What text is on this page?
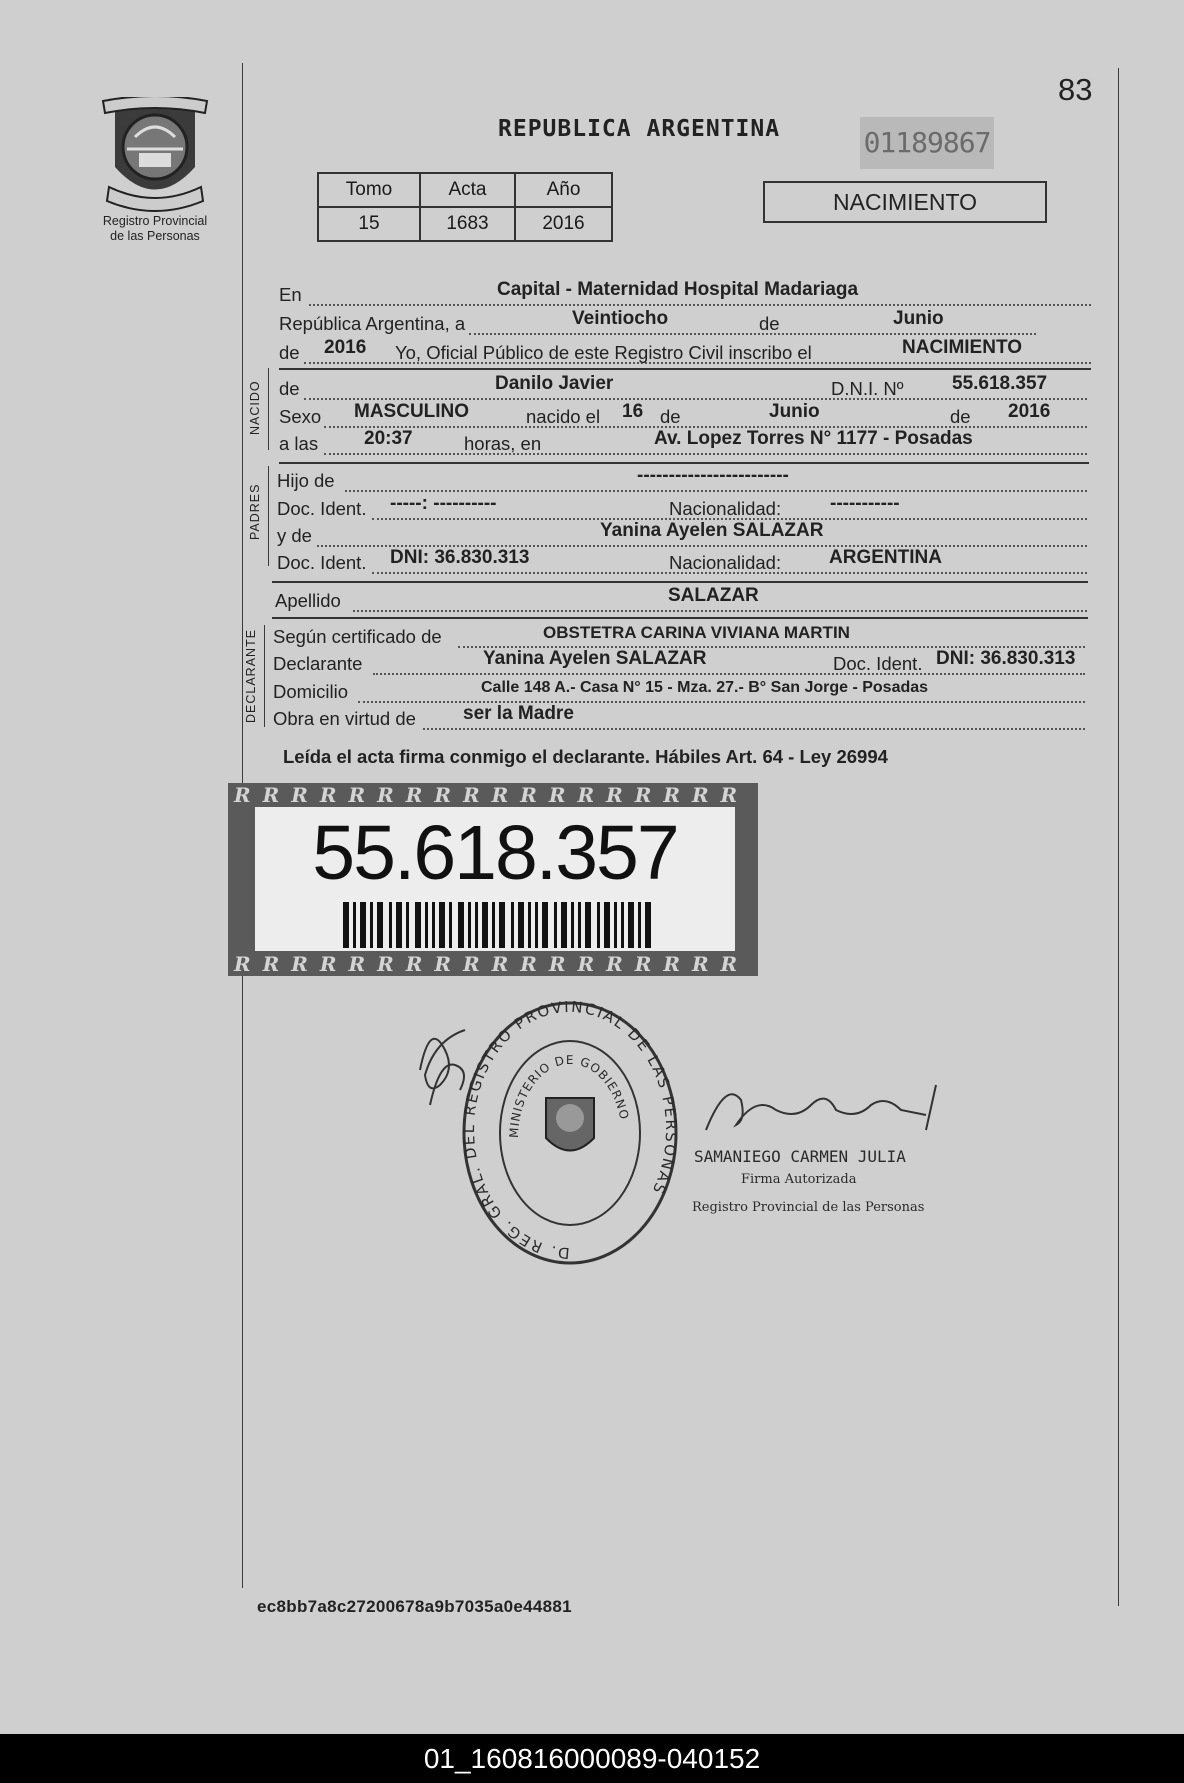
83
Registro Provincial
de las Personas
REPUBLICA ARGENTINA	01189867
Tomo	Acta	Año
15	1683	2016
NACIMIENTO
NACIDO
PADRES
DECLARANTE
En	Capital - Maternidad Hospital Madariaga
República Argentina, a	Veintiocho	de	Junio
de 2016 Yo, Oficial Público de este Registro Civil inscribo el	NACIMIENTO
de	Danilo Javier	D.N.I. Nº	55.618.357
Sexo MASCULINO	nacido el 16 de	Junio	de 2016
a las 20:37	horas, en	Av. Lopez Torres N° 1177 - Posadas
Hijo de	------------------------
Doc. Ident. -----: ----------	Nacionalidad:	-----------
y de	Yanina Ayelen SALAZAR
Doc. Ident. DNI: 36.830.313	Nacionalidad:	ARGENTINA
Apellido	SALAZAR
Según certificado de	OBSTETRA CARINA VIVIANA MARTIN
Declarante	Yanina Ayelen SALAZAR	Doc. Ident. DNI: 36.830.313
Domicilio	Calle 148 A.- Casa N° 15 - Mza. 27.- B° San Jorge - Posadas
Obra en virtud de ser la Madre
Leída el acta firma conmigo el declarante. Hábiles Art. 64 - Ley 26994
RRRRRRRRRRRRRRRRRR
RRRRRRRRRRRRRRRRRR
55.618.357
D. REG. GRAL. DEL REGISTRO PROVINCIAL DE LAS PERSONAS
MINISTERIO DE GOBIERNO
SAMANIEGO CARMEN JULIA
Firma Autorizada
Registro Provincial de las Personas
ec8bb7a8c27200678a9b7035a0e44881
01_160816000089-040152
